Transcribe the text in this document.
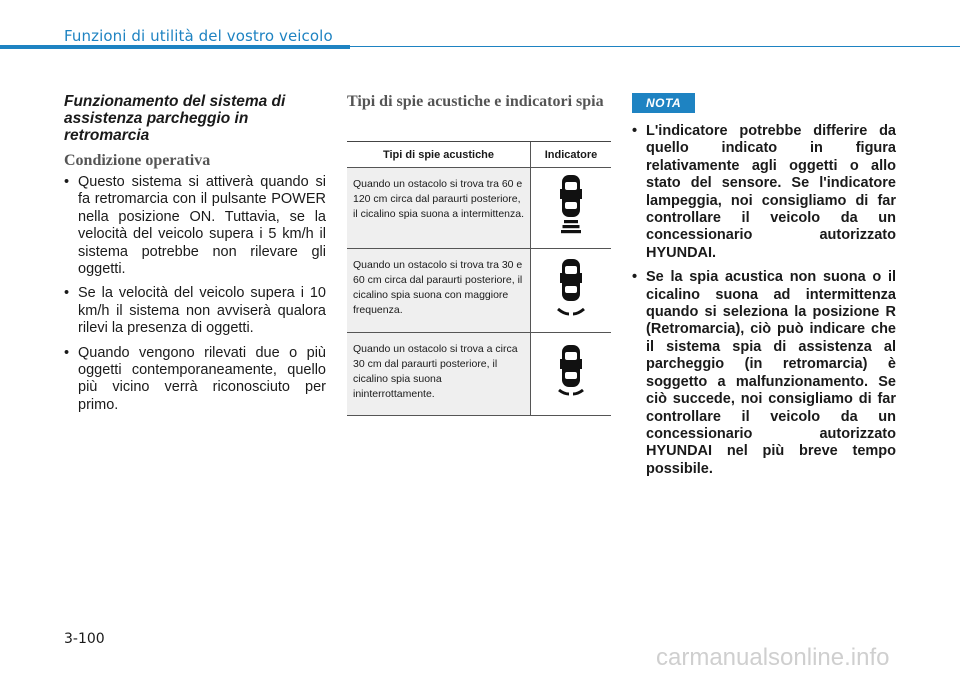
Funzioni di utilità del vostro veicolo
Funzionamento del sistema di assistenza parcheggio in retromarcia
Condizione operativa
• Questo sistema si attiverà quando si fa retromarcia con il pulsante POWER nella posizione ON. Tuttavia, se la velocità del veicolo supera i 5 km/h il sistema potrebbe non rilevare gli oggetti.
• Se la velocità del veicolo supera i 10 km/h il sistema non avviserà qualora rilevi la presenza di oggetti.
• Quando vengono rilevati due o più oggetti contemporaneamente, quello più vicino verrà riconosciuto per primo.
Tipi di spie acustiche e indicatori spia
Tipi di spie acustiche	Indicatore
Quando un ostacolo si trova tra 60 e 120 cm circa dal paraurti posteriore, il cicalino spia suona a intermittenza.	
Quando un ostacolo si trova tra 30 e 60 cm circa dal paraurti posteriore, il cicalino spia suona con maggiore frequenza.	
Quando un ostacolo si trova a circa 30 cm dal paraurti posteriore, il cicalino spia suona ininterrottamente.	
NOTA
• L'indicatore potrebbe differire da quello indicato in figura relativamente agli oggetti o allo stato del sensore. Se l'indicatore lampeggia, noi consigliamo di far controllare il veicolo da un concessionario autorizzato HYUNDAI.
• Se la spia acustica non suona o il cicalino suona ad intermittenza quando si seleziona la posizione R (Retromarcia), ciò può indicare che il sistema spia di assistenza al parcheggio (in retromarcia) è soggetto a malfunzionamento. Se ciò succede, noi consigliamo di far controllare il veicolo da un concessionario autorizzato HYUNDAI nel più breve tempo possibile.
3-100
carmanualsonline.info
